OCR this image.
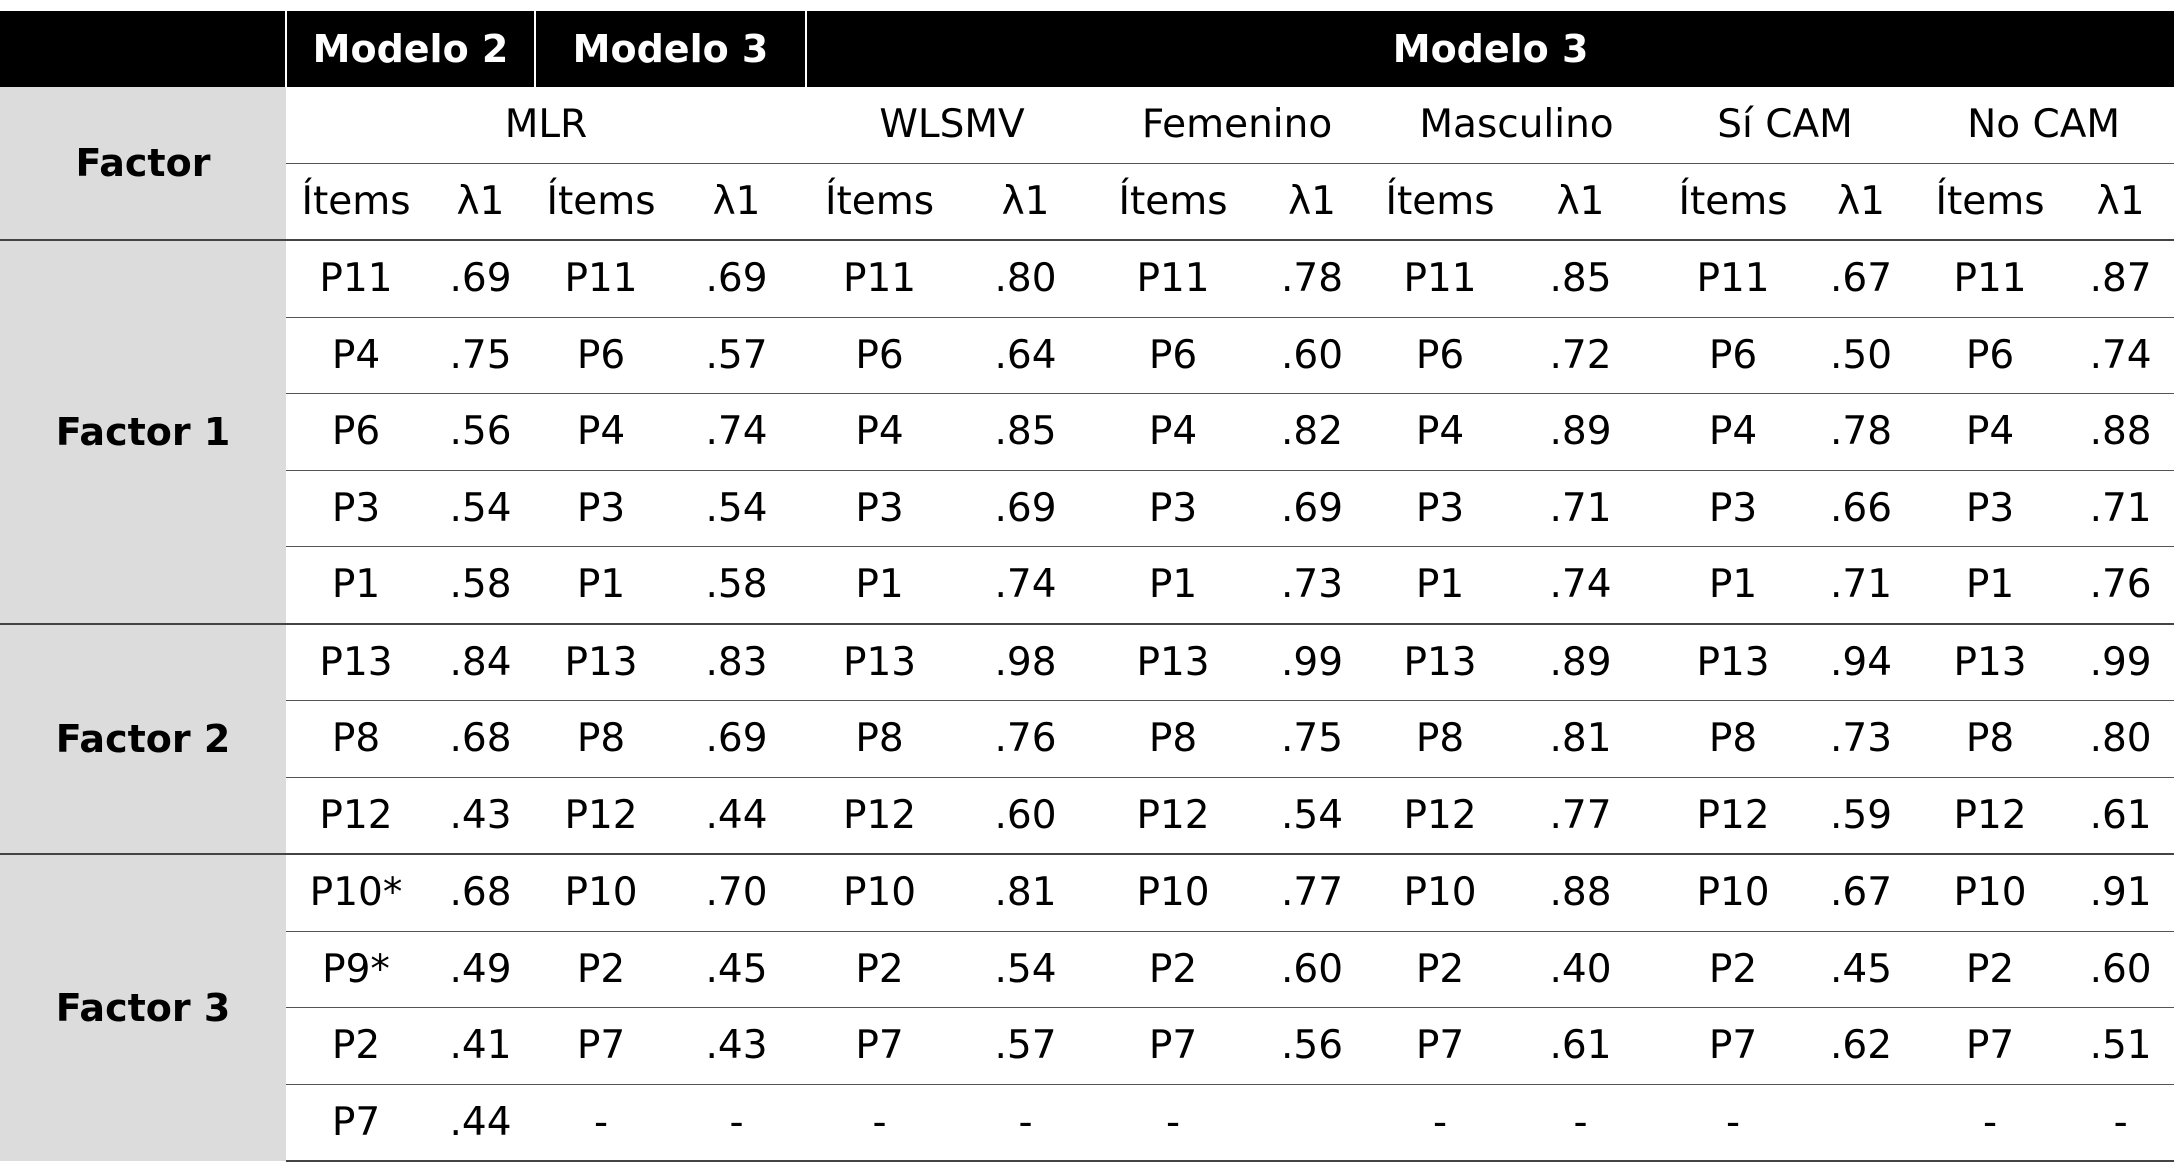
	Modelo 2		Modelo 3		Modelo 3									
Factor	MLR				WLSMV		Femenino		Masculino		Sí CAM		No CAM	
	Ítems	λ1	Ítems	λ1	Ítems	λ1	Ítems	λ1	Ítems	λ1	Ítems	λ1	Ítems	λ1
Factor 1	P11	.69	P11	.69	P11	.80	P11	.78	P11	.85	P11	.67	P11	.87
	P4	.75	P6	.57	P6	.64	P6	.60	P6	.72	P6	.50	P6	.74
	P6	.56	P4	.74	P4	.85	P4	.82	P4	.89	P4	.78	P4	.88
	P3	.54	P3	.54	P3	.69	P3	.69	P3	.71	P3	.66	P3	.71
	P1	.58	P1	.58	P1	.74	P1	.73	P1	.74	P1	.71	P1	.76
Factor 2	P13	.84	P13	.83	P13	.98	P13	.99	P13	.89	P13	.94	P13	.99
	P8	.68	P8	.69	P8	.76	P8	.75	P8	.81	P8	.73	P8	.80
	P12	.43	P12	.44	P12	.60	P12	.54	P12	.77	P12	.59	P12	.61
Factor 3	P10*	.68	P10	.70	P10	.81	P10	.77	P10	.88	P10	.67	P10	.91
	P9*	.49	P2	.45	P2	.54	P2	.60	P2	.40	P2	.45	P2	.60
	P2	.41	P7	.43	P7	.57	P7	.56	P7	.61	P7	.62	P7	.51
	P7	.44	-	-	-	-	-		-	-	-		-	-
